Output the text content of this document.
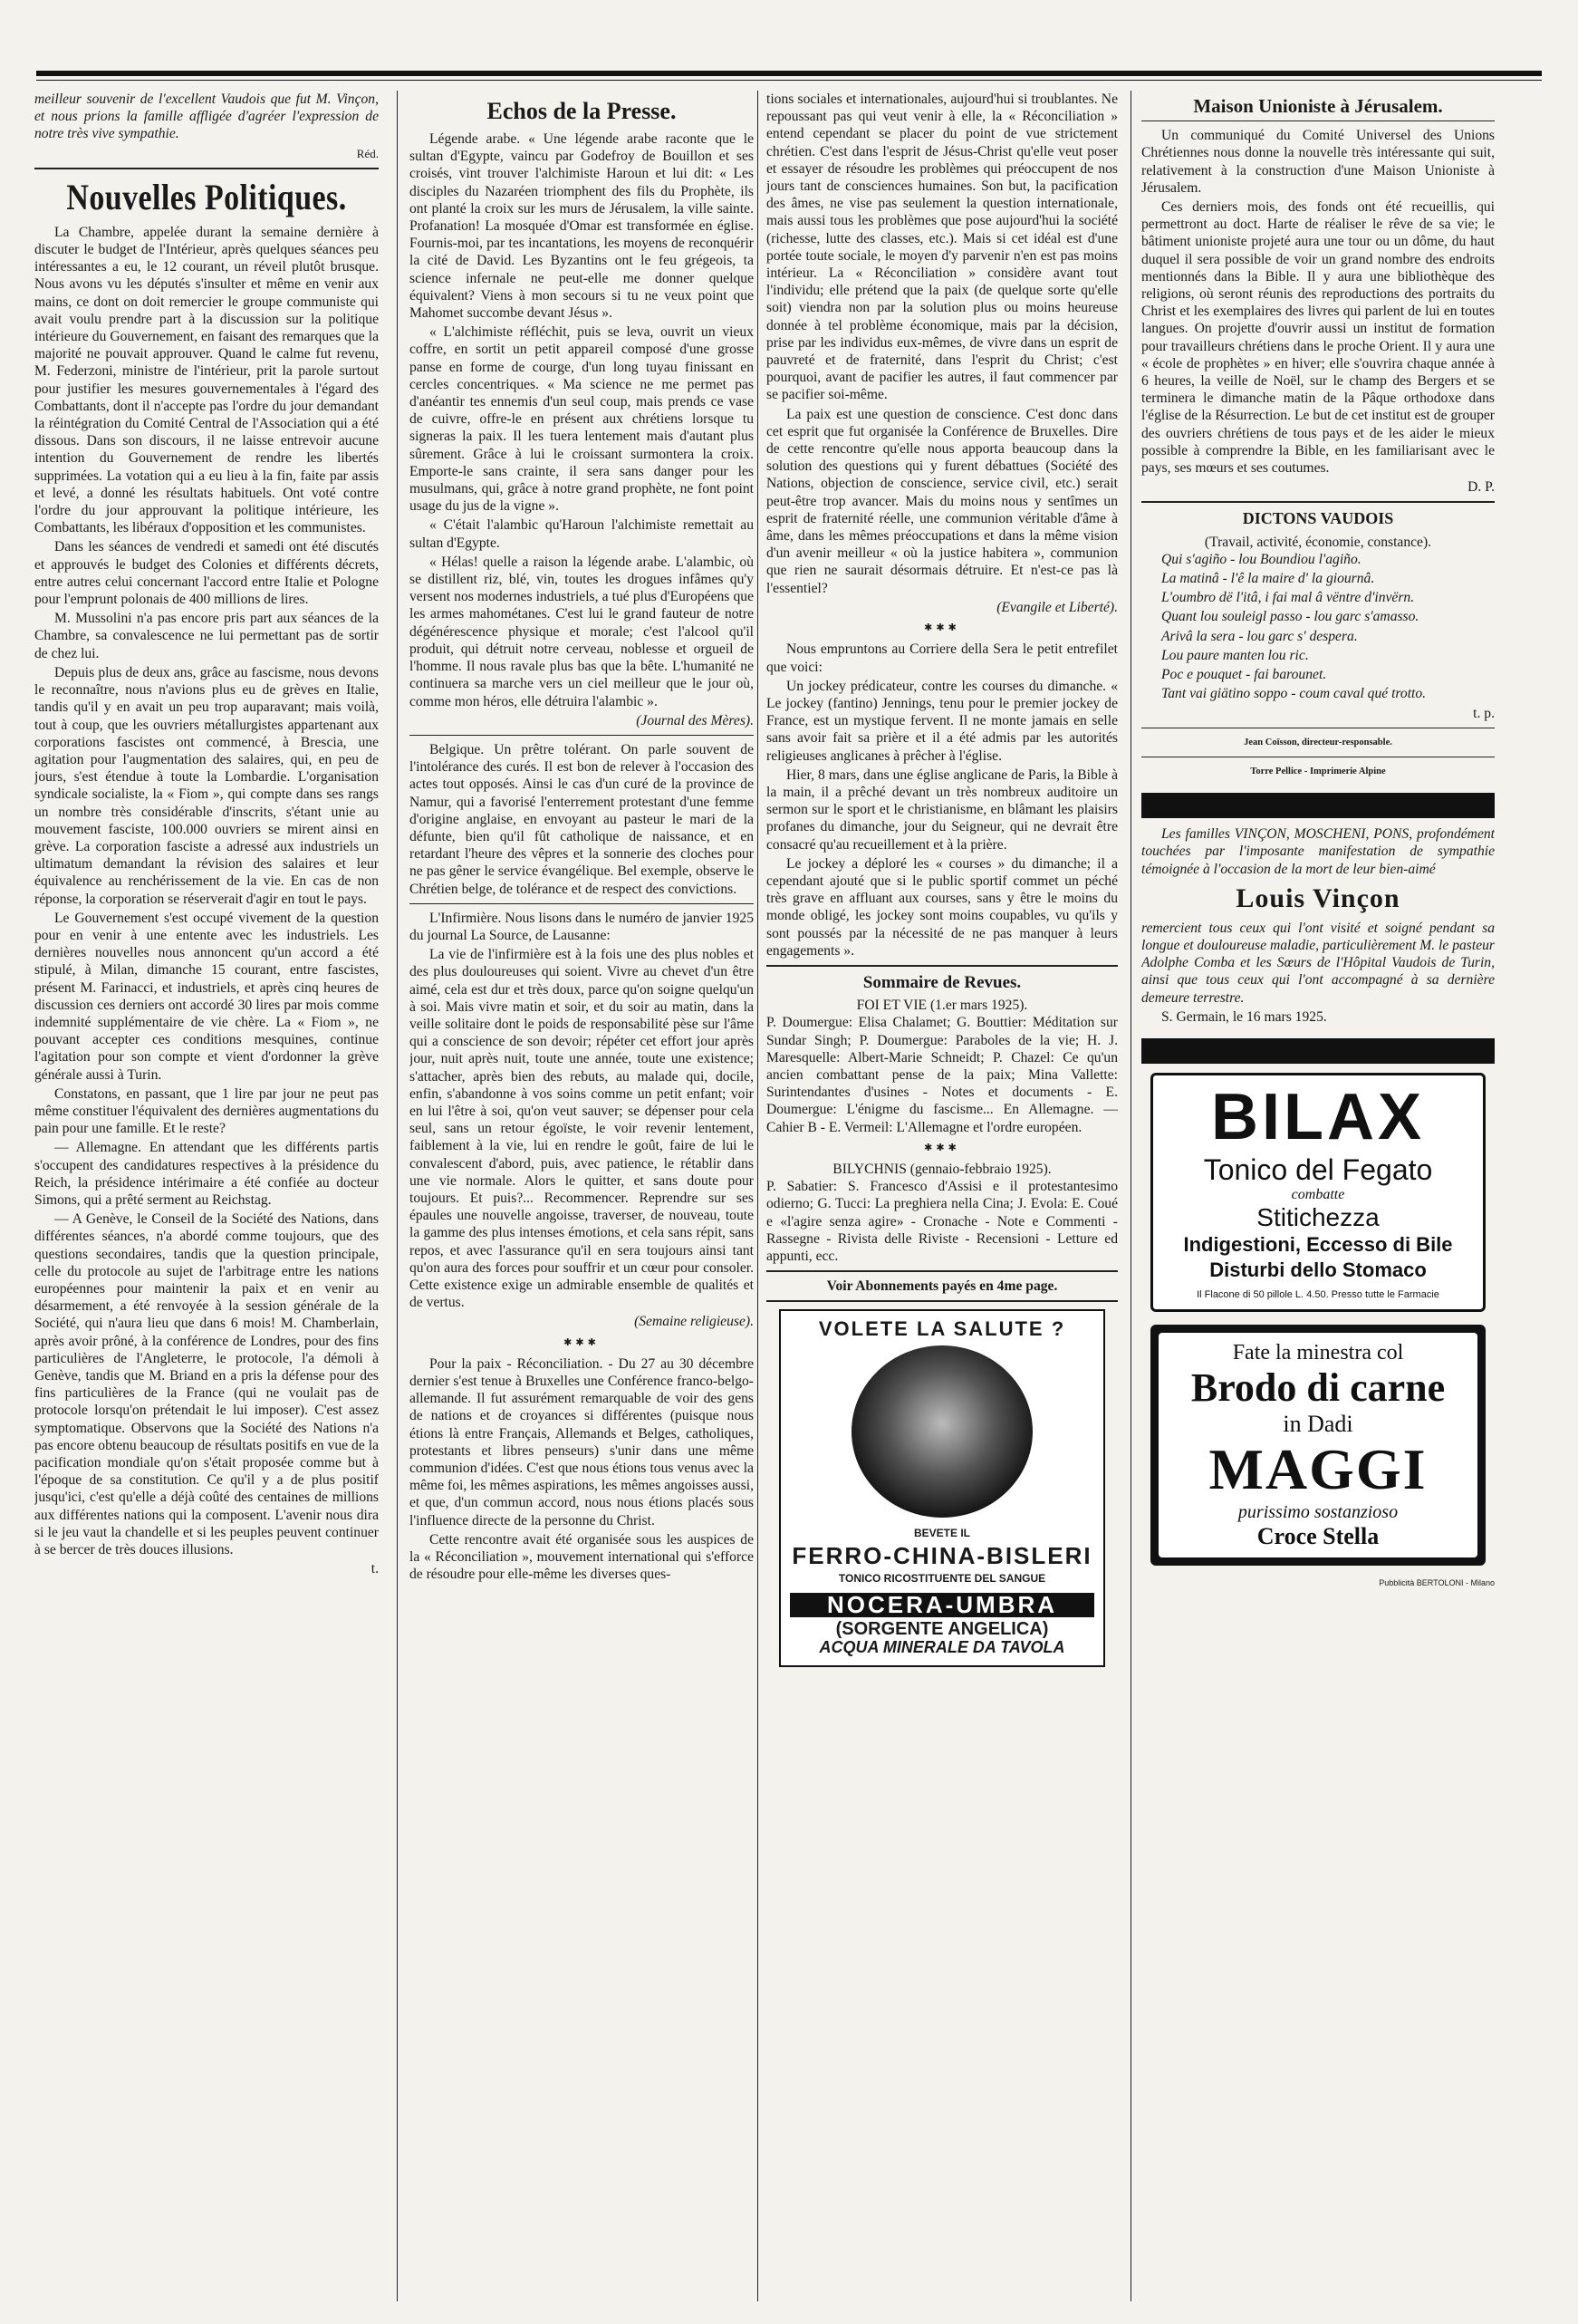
meilleur souvenir de l'excellent Vaudois que fut M. Vinçon, et nous prions la famille affligée d'agréer l'expression de notre très vive sympathie.

Réd.
Nouvelles Politiques.

La Chambre, appelée durant la semaine dernière à discuter le budget de l'Intérieur, après quelques séances peu intéressantes a eu, le 12 courant, un réveil plutôt brusque. Nous avons vu les députés s'insulter et même en venir aux mains, ce dont on doit remercier le groupe communiste qui avait voulu prendre part à la discussion sur la politique intérieure du Gouvernement, en faisant des remarques que la majorité ne pouvait approuver. Quand le calme fut revenu, M. Federzoni, ministre de l'intérieur, prit la parole surtout pour justifier les mesures gouvernementales à l'égard des Combattants, dont il n'accepte pas l'ordre du jour demandant la réintégration du Comité Central de l'Association qui a été dissous. Dans son discours, il ne laisse entrevoir aucune intention du Gouvernement de rendre les libertés supprimées. La votation qui a eu lieu à la fin, faite par assis et levé, a donné les résultats habituels. Ont voté contre l'ordre du jour approuvant la politique intérieure, les Combattants, les libéraux d'opposition et les communistes.

Dans les séances de vendredi et samedi ont été discutés et approuvés le budget des Colonies et différents décrets, entre autres celui concernant l'accord entre Italie et Pologne pour l'emprunt polonais de 400 millions de lires.

M. Mussolini n'a pas encore pris part aux séances de la Chambre, sa convalescence ne lui permettant pas de sortir de chez lui.

Depuis plus de deux ans, grâce au fascisme, nous devons le reconnaître, nous n'avions plus eu de grèves en Italie, tandis qu'il y en avait un peu trop auparavant; mais voilà, tout à coup, que les ouvriers métallurgistes appartenant aux corporations fascistes ont commencé, à Brescia, une agitation pour l'augmentation des salaires, qui, en peu de jours, s'est étendue à toute la Lombardie. L'organisation syndicale socialiste, la « Fiom », qui compte dans ses rangs un nombre très considérable d'inscrits, s'étant unie au mouvement fasciste, 100.000 ouvriers se mirent ainsi en grève. La corporation fasciste a adressé aux industriels un ultimatum demandant la révision des salaires et leur équivalence au renchérissement de la vie. En cas de non réponse, la corporation se réserverait d'agir en tout le pays.

Le Gouvernement s'est occupé vivement de la question pour en venir à une entente avec les industriels. Les dernières nouvelles nous annoncent qu'un accord a été stipulé, à Milan, dimanche 15 courant, entre fascistes, présent M. Farinacci, et industriels, et après cinq heures de discussion ces derniers ont accordé 30 lires par mois comme indemnité supplémentaire de vie chère. La « Fiom », ne pouvant accepter ces conditions mesquines, continue l'agitation pour son compte et vient d'ordonner la grève générale aussi à Turin.

Constatons, en passant, que 1 lire par jour ne peut pas même constituer l'équivalent des dernières augmentations du pain pour une famille. Et le reste?

— Allemagne. En attendant que les différents partis s'occupent des candidatures respectives à la présidence du Reich, la présidence intérimaire a été confiée au docteur Simons, qui a prêté serment au Reichstag.

— A Genève, le Conseil de la Société des Nations, dans différentes séances, n'a abordé comme toujours, que des questions secondaires, tandis que la question principale, celle du protocole au sujet de l'arbitrage entre les nations européennes pour maintenir la paix et en venir au désarmement, a été renvoyée à la session générale de la Société, qui n'aura lieu que dans 6 mois! M. Chamberlain, après avoir prôné, à la conférence de Londres, pour des fins particulières de l'Angleterre, le protocole, l'a démoli à Genève, tandis que M. Briand en a pris la défense pour des fins particulières de la France (qui ne voulait pas de protocole lorsqu'on prétendait le lui imposer). C'est assez symptomatique. Observons que la Société des Nations n'a pas encore obtenu beaucoup de résultats positifs en vue de la pacification mondiale qu'on s'était proposée comme but à l'époque de sa constitution. Ce qu'il y a de plus positif jusqu'ici, c'est qu'elle a déjà coûté des centaines de millions aux différentes nations qui la composent. L'avenir nous dira si le jeu vaut la chandelle et si les peuples peuvent continuer à se bercer de très douces illusions.

t.
Echos de la Presse.

Légende arabe. « Une légende arabe raconte que le sultan d'Egypte, vaincu par Godefroy de Bouillon et ses croisés, vint trouver l'alchimiste Haroun et lui dit: « Les disciples du Nazaréen triomphent des fils du Prophète, ils ont planté la croix sur les murs de Jérusalem, la ville sainte. Profanation! La mosquée d'Omar est transformée en église. Fournis-moi, par tes incantations, les moyens de reconquérir la cité de David. Les Byzantins ont le feu grégeois, ta science infernale ne peut-elle me donner quelque équivalent? Viens à mon secours si tu ne veux point que Mahomet succombe devant Jésus ».

« L'alchimiste réfléchit, puis se leva, ouvrit un vieux coffre, en sortit un petit appareil composé d'une grosse panse en forme de courge, d'un long tuyau finissant en cercles concentriques. « Ma science ne me permet pas d'anéantir tes ennemis d'un seul coup, mais prends ce vase de cuivre, offre-le en présent aux chrétiens lorsque tu signeras la paix. Il les tuera lentement mais d'autant plus sûrement. Grâce à lui le croissant surmontera la croix. Emporte-le sans crainte, il sera sans danger pour les musulmans, qui, grâce à notre grand prophète, ne font point usage du jus de la vigne ».

« C'était l'alambic qu'Haroun l'alchimiste remettait au sultan d'Egypte.

« Hélas! quelle a raison la légende arabe. L'alambic, où se distillent riz, blé, vin, toutes les drogues infâmes qu'y versent nos modernes industriels, a tué plus d'Européens que les armes mahométanes. C'est lui le grand fauteur de notre dégénérescence physique et morale; c'est l'alcool qu'il produit, qui détruit notre cerveau, noblesse et orgueil de l'homme. Il nous ravale plus bas que la bête. L'humanité ne continuera sa marche vers un ciel meilleur que le jour où, comme mon héros, elle détruira l'alambic ».

(Journal des Mères).

Belgique. Un prêtre tolérant. On parle souvent de l'intolérance des curés. Il est bon de relever à l'occasion des actes tout opposés. Ainsi le cas d'un curé de la province de Namur, qui a favorisé l'enterrement protestant d'une femme d'origine anglaise, en envoyant au pasteur le mari de la défunte, bien qu'il fût catholique de naissance, et en retardant l'heure des vêpres et la sonnerie des cloches pour ne pas gêner le service évangélique. Bel exemple, observe le Chrétien belge, de tolérance et de respect des convictions.

L'Infirmière. Nous lisons dans le numéro de janvier 1925 du journal La Source, de Lausanne:

La vie de l'infirmière est à la fois une des plus nobles et des plus douloureuses qui soient. Vivre au chevet d'un être aimé, cela est dur et très doux, parce qu'on soigne quelqu'un à soi. Mais vivre matin et soir, et du soir au matin, dans la veille solitaire dont le poids de responsabilité pèse sur l'âme qui a conscience de son devoir; répéter cet effort jour après jour, nuit après nuit, toute une année, toute une existence; s'attacher, après bien des rebuts, au malade qui, docile, enfin, s'abandonne à vos soins comme un petit enfant; voir en lui l'être à soi, qu'on veut sauver; se dépenser pour cela seul, sans un retour égoïste, le voir revenir lentement, faiblement à la vie, lui en rendre le goût, faire de lui le convalescent d'abord, puis, avec patience, le rétablir dans une vie normale. Alors le quitter, et sans doute pour toujours. Et puis?... Recommencer. Reprendre sur ses épaules une nouvelle angoisse, traverser, de nouveau, toute la gamme des plus intenses émotions, et cela sans répit, sans repos, et avec l'assurance qu'il en sera toujours ainsi tant qu'on aura des forces pour souffrir et un cœur pour consoler. Cette existence exige un admirable ensemble de qualités et de vertus.

(Semaine religieuse).
✱✱✱

Pour la paix - Réconciliation. - Du 27 au 30 décembre dernier s'est tenue à Bruxelles une Conférence franco-belgo-allemande. Il fut assurément remarquable de voir des gens de nations et de croyances si différentes (puisque nous étions là entre Français, Allemands et Belges, catholiques, protestants et libres penseurs) s'unir dans une même communion d'idées. C'est que nous étions tous venus avec la même foi, les mêmes aspirations, les mêmes angoisses aussi, et que, d'un commun accord, nous nous étions placés sous l'influence directe de la personne du Christ.

Cette rencontre avait été organisée sous les auspices de la « Réconciliation », mouvement international qui s'efforce de résoudre pour elle-même les diverses ques-

tions sociales et internationales, aujourd'hui si troublantes. Ne repoussant pas qui veut venir à elle, la « Réconciliation » entend cependant se placer du point de vue strictement chrétien. C'est dans l'esprit de Jésus-Christ qu'elle veut poser et essayer de résoudre les problèmes qui préoccupent de nos jours tant de consciences humaines. Son but, la pacification des âmes, ne vise pas seulement la question internationale, mais aussi tous les problèmes que pose aujourd'hui la société (richesse, lutte des classes, etc.). Mais si cet idéal est d'une portée toute sociale, le moyen d'y parvenir n'en est pas moins intérieur. La « Réconciliation » considère avant tout l'individu; elle prétend que la paix (de quelque sorte qu'elle soit) viendra non par la solution plus ou moins heureuse donnée à tel problème économique, mais par la décision, prise par les individus eux-mêmes, de vivre dans un esprit de pauvreté et de fraternité, dans l'esprit du Christ; c'est pourquoi, avant de pacifier les autres, il faut commencer par se pacifier soi-même.

La paix est une question de conscience. C'est donc dans cet esprit que fut organisée la Conférence de Bruxelles. Dire de cette rencontre qu'elle nous apporta beaucoup dans la solution des questions qui y furent débattues (Société des Nations, objection de conscience, service civil, etc.) serait peut-être trop avancer. Mais du moins nous y sentîmes un esprit de fraternité réelle, une communion véritable d'âme à âme, dans les mêmes préoccupations et dans la même vision d'un avenir meilleur « où la justice habitera », communion que rien ne saurait désormais détruire. Et n'est-ce pas là l'essentiel?

(Evangile et Liberté).
✱✱✱

Nous empruntons au Corriere della Sera le petit entrefilet que voici:

Un jockey prédicateur, contre les courses du dimanche. « Le jockey (fantino) Jennings, tenu pour le premier jockey de France, est un mystique fervent. Il ne monte jamais en selle sans avoir fait sa prière et il a été admis par les autorités religieuses anglicanes à prêcher à l'église.

Hier, 8 mars, dans une église anglicane de Paris, la Bible à la main, il a prêché devant un très nombreux auditoire un sermon sur le sport et le christianisme, en blâmant les plaisirs profanes du dimanche, jour du Seigneur, qui ne devrait être consacré qu'au recueillement et à la prière.

Le jockey a déploré les « courses » du dimanche; il a cependant ajouté que si le public sportif commet un péché très grave en affluant aux courses, sans y être le moins du monde obligé, les jockey sont moins coupables, vu qu'ils y sont poussés par la nécessité de ne pas manquer à leurs engagements ».

Sommaire de Revues.
FOI ET VIE (1.er mars 1925).

P. Doumergue: Elisa Chalamet; G. Bouttier: Méditation sur Sundar Singh; P. Doumergue: Paraboles de la vie; H. J. Maresquelle: Albert-Marie Schneidt; P. Chazel: Ce qu'un ancien combattant pense de la paix; Mina Vallette: Surintendantes d'usines - Notes et documents - E. Doumergue: L'énigme du fascisme... En Allemagne. — Cahier B - E. Vermeil: L'Allemagne et l'ordre européen.

✱✱✱
BILYCHNIS (gennaio-febbraio 1925).

P. Sabatier: S. Francesco d'Assisi e il protestantesimo odierno; G. Tucci: La preghiera nella Cina; J. Evola: E. Coué e «l'agire senza agire» - Cronache - Note e Commenti - Rassegne - Rivista delle Riviste - Recensioni - Letture ed appunti, ecc.

Voir Abonnements payés en 4me page.
VOLETE LA SALUTE ?
BEVETE IL
FERRO-CHINA-BISLERI
TONICO RICOSTITUENTE DEL SANGUE
NOCERA-UMBRA
(SORGENTE ANGELICA)
ACQUA MINERALE DA TAVOLA
Maison Unioniste à Jérusalem.

Un communiqué du Comité Universel des Unions Chrétiennes nous donne la nouvelle très intéressante qui suit, relativement à la construction d'une Maison Unioniste à Jérusalem.

Ces derniers mois, des fonds ont été recueillis, qui permettront au doct. Harte de réaliser le rêve de sa vie; le bâtiment unioniste projeté aura une tour ou un dôme, du haut duquel il sera possible de voir un grand nombre des endroits mentionnés dans la Bible. Il y aura une bibliothèque des religions, où seront réunis des reproductions des portraits du Christ et les exemplaires des livres qui parlent de lui en toutes langues. On projette d'ouvrir aussi un institut de formation pour travailleurs chrétiens dans le proche Orient. Il y aura une « école de prophètes » en hiver; elle s'ouvrira chaque année à 6 heures, la veille de Noël, sur le champ des Bergers et se terminera le dimanche matin de la Pâque orthodoxe dans l'église de la Résurrection. Le but de cet institut est de grouper des ouvriers chrétiens de tous pays et de les aider le mieux possible à comprendre la Bible, en les familiarisant avec le pays, ses mœurs et ses coutumes.

D. P.
DICTONS VAUDOIS
(Travail, activité, économie, constance).

Qui s'agiño - lou Boundiou l'agiño.

La matinâ - l'ê la maire d' la giournâ.

L'oumbro dë l'itâ, i fai mal â vëntre d'invërn.

Quant lou souleigl passo - lou garc s'amasso.

Arivâ la sera - lou garc s' despera.

Lou paure manten lou ric.

Poc e pouquet - fai barounet.

Tant vai giätino soppo - coum caval qué trotto.

t. p.
Jean Coïsson, directeur-responsable.
Torre Pellice - Imprimerie Alpine

Les familles VINÇON, MOSCHENI, PONS, profondément touchées par l'imposante manifestation de sympathie témoignée à l'occasion de la mort de leur bien-aimé

Louis Vinçon

remercient tous ceux qui l'ont visité et soigné pendant sa longue et douloureuse maladie, particulièrement M. le pasteur Adolphe Comba et les Sœurs de l'Hôpital Vaudois de Turin, ainsi que tous ceux qui l'ont accompagné à sa dernière demeure terrestre.

S. Germain, le 16 mars 1925.

BILAX
Tonico del Fegato
combatte
Stitichezza
Indigestioni, Eccesso di Bile
Disturbi dello Stomaco
Il Flacone di 50 pillole L. 4.50. Presso tutte le Farmacie
Fate la minestra col
Brodo di carne
in Dadi
MAGGI
purissimo sostanzioso
Croce Stella
Pubblicità BERTOLONI - Milano
